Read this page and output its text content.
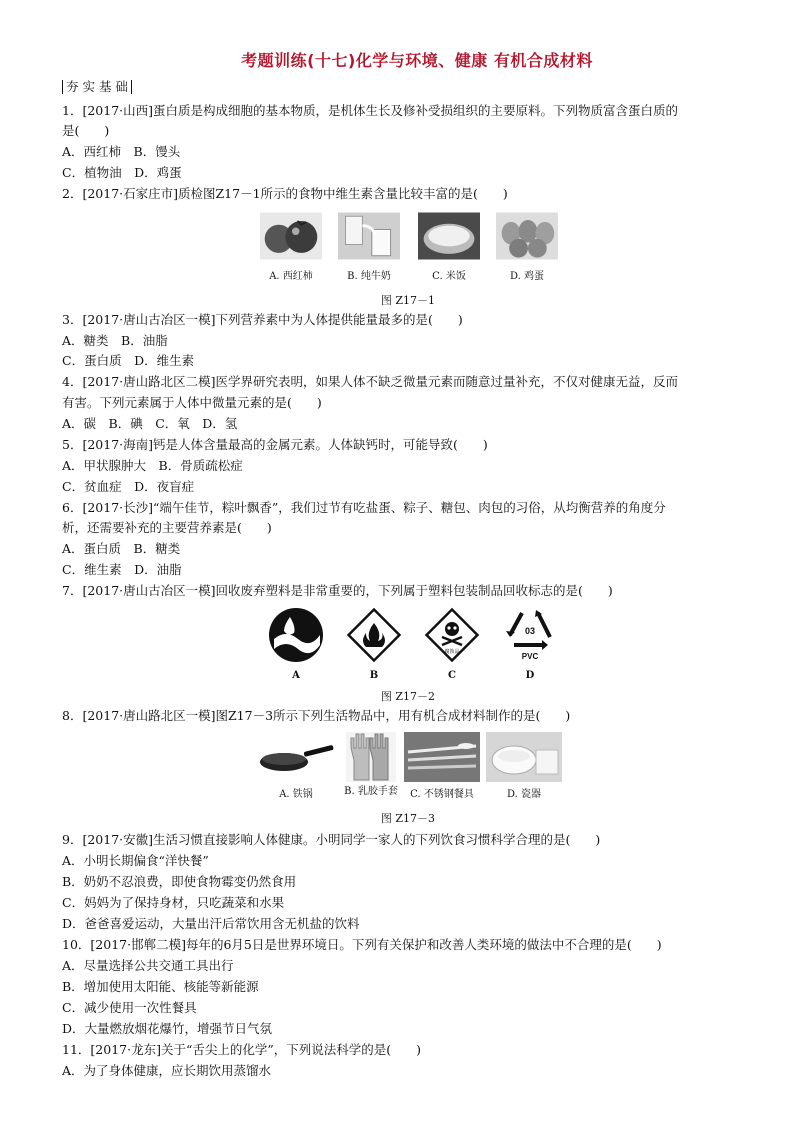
考题训练(十七)化学与环境、健康 有机合成材料
夯 实 基 础
1．[2017·山西]蛋白质是构成细胞的基本物质，是机体生长及修补受损组织的主要原料。下列物质富含蛋白质的
是(　　)
A．西红柿　B．馒头
C．植物油　D．鸡蛋
2．[2017·石家庄市]质检图Z17－1所示的食物中维生素含量比较丰富的是(　　)
A. 西红柿	B. 纯牛奶	C. 米饭	D. 鸡蛋
图 Z17－1
3．[2017·唐山古冶区一模]下列营养素中为人体提供能量最多的是(　　)
A．糖类　B．油脂
C．蛋白质　D．维生素
4．[2017·唐山路北区二模]医学界研究表明，如果人体不缺乏微量元素而随意过量补充，不仅对健康无益，反而
有害。下列元素属于人体中微量元素的是(　　)
A．碳　B．碘　C．氧　D．氢
5．[2017·海南]钙是人体含量最高的金属元素。人体缺钙时，可能导致(　　)
A．甲状腺肿大　B．骨质疏松症
C．贫血症　D．夜盲症
6．[2017·长沙]“端午佳节，粽叶飘香”，我们过节有吃盐蛋、粽子、糖包、肉包的习俗，从均衡营养的角度分
析，还需要补充的主要营养素是(　　)
A．蛋白质　B．糖类
C．维生素　D．油脂
7．[2017·唐山古冶区一模]回收废弃塑料是非常重要的，下列属于塑料包装制品回收标志的是(　　)
A	B
腐蚀品
C
03
PVC
D
图 Z17－2
8．[2017·唐山路北区一模]图Z17－3所示下列生活物品中，用有机合成材料制作的是(　　)
A. 铁锅	B. 乳胶手套	C. 不锈钢餐具	D. 瓷器
图 Z17－3
9．[2017·安徽]生活习惯直接影响人体健康。小明同学一家人的下列饮食习惯科学合理的是(　　)
A．小明长期偏食“洋快餐”
B．奶奶不忍浪费，即使食物霉变仍然食用
C．妈妈为了保持身材，只吃蔬菜和水果
D．爸爸喜爱运动，大量出汗后常饮用含无机盐的饮料
10．[2017·邯郸二模]每年的6月5日是世界环境日。下列有关保护和改善人类环境的做法中不合理的是(　　)
A．尽量选择公共交通工具出行
B．增加使用太阳能、核能等新能源
C．减少使用一次性餐具
D．大量燃放烟花爆竹，增强节日气氛
11．[2017·龙东]关于“舌尖上的化学”，下列说法科学的是(　　)
A．为了身体健康，应长期饮用蒸馏水
